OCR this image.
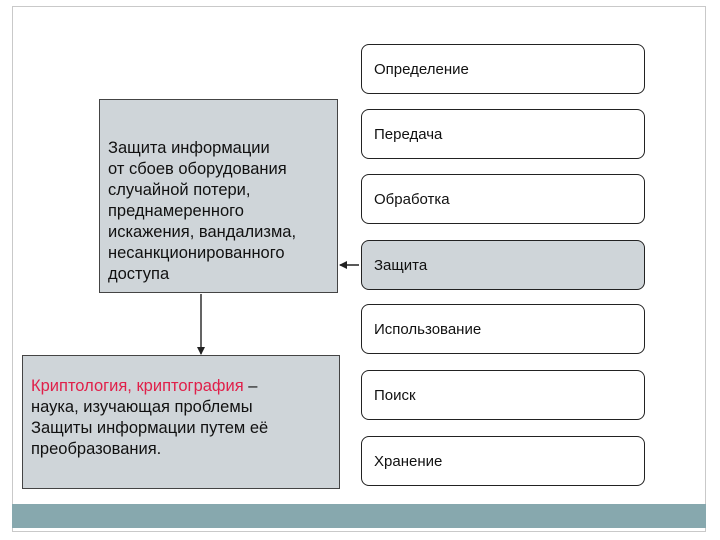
Защита информации
от сбоев оборудования
случайной потери,
преднамеренного
искажения, вандализма,
несанкционированного
доступа

Криптология, криптография –
наука, изучающая проблемы
Защиты информации путем её
преобразования.
Определение
Передача
Обработка
Защита
Использование
Поиск
Хранение
